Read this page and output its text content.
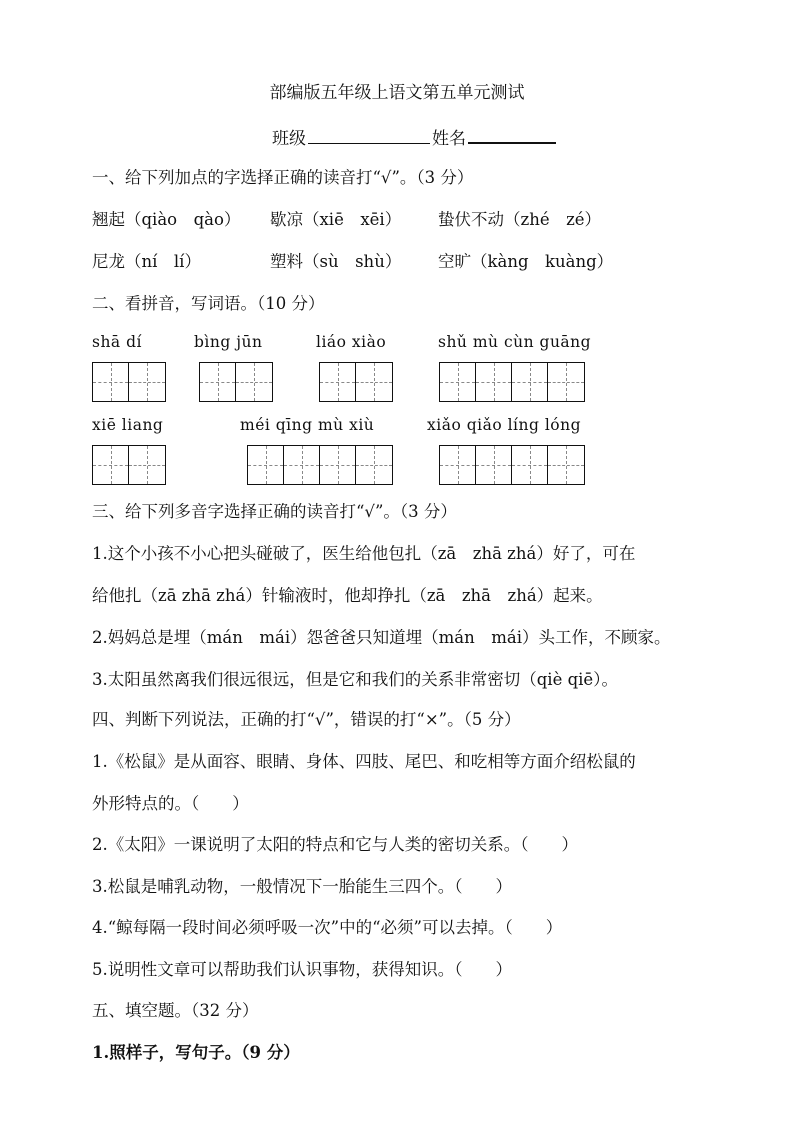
部编版五年级上语文第五单元测试
班级	姓名
一、给下列加点的字选择正确的读音打“√”。（3 分）
翘起（qiào　qào） 歇凉（xiē　xēi） 蛰伏不动（zhé　zé）
尼龙（ní　lí）	塑料（sù　shù） 空旷（kàng　kuàng）
二、看拼音，写词语。（10 分）
shā dí	bìng jūn	liáo xiào	shǔ mù cùn guāng
xiē liang	méi qīng mù xiù	xiǎo qiǎo líng lóng
三、给下列多音字选择正确的读音打“√”。（3 分）
1.这个小孩不小心把头碰破了，医生给他包扎（zā　zhā zhá）好了，可在
给他扎（zā zhā zhá）针输液时，他却挣扎（zā　zhā　zhá）起来。
2.妈妈总是埋（mán　mái）怨爸爸只知道埋（mán　mái）头工作，不顾家。
3.太阳虽然离我们很远很远，但是它和我们的关系非常密切（qiè qiē）。
四、判断下列说法，正确的打“√”，错误的打“×”。（5 分）
1.《松鼠》是从面容、眼睛、身体、四肢、尾巴、和吃相等方面介绍松鼠的
外形特点的。（　　）
2.《太阳》一课说明了太阳的特点和它与人类的密切关系。（　　）
3.松鼠是哺乳动物，一般情况下一胎能生三四个。（　　）
4.“鲸每隔一段时间必须呼吸一次”中的“必须”可以去掉。（　　）
5.说明性文章可以帮助我们认识事物，获得知识。（　　）
五、填空题。（32 分）
1.照样子，写句子。（9 分）
